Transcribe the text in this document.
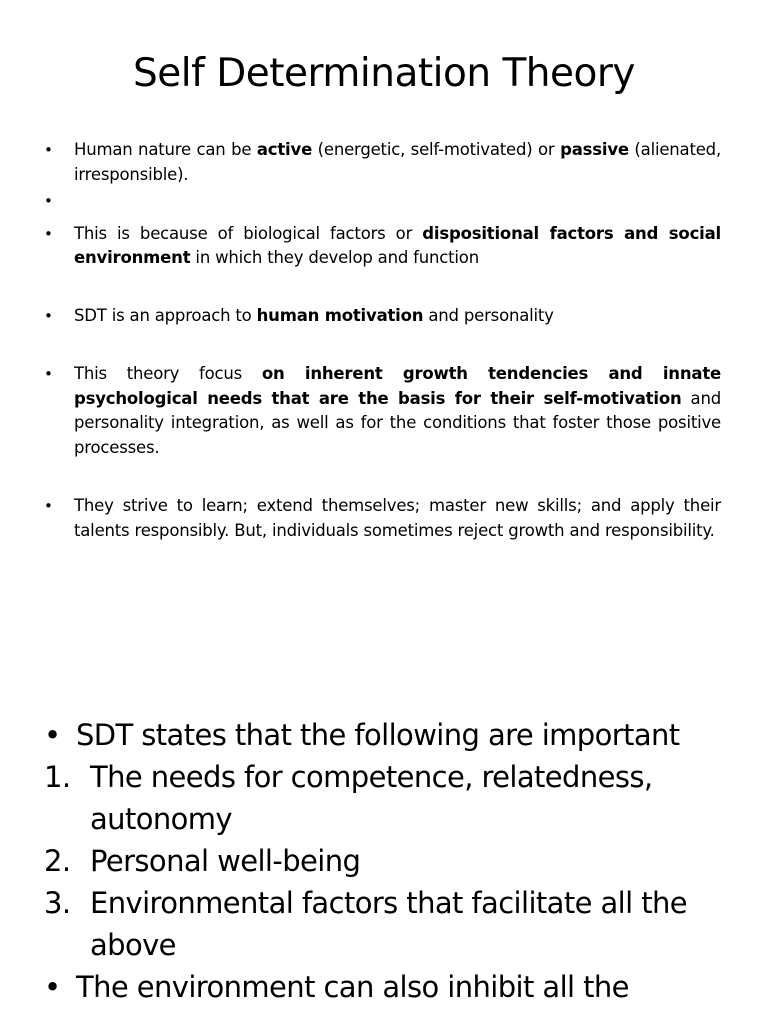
Self Determination Theory
• Human nature can be active (energetic, self-motivated) or passive (alienated, irresponsible).
•

• This is because of biological factors or dispositional factors and social environment in which they develop and function
• SDT is an approach to human motivation and personality
• This theory focus on inherent growth tendencies and innate psychological needs that are the basis for their self-motivation and personality integration, as well as for the conditions that foster those positive processes.
• They strive to learn; extend themselves; master new skills; and apply their talents responsibly. But, individuals sometimes reject growth and responsibility.
• SDT states that the following are important
1. The needs for competence, relatedness, autonomy
2. Personal well-being
3. Environmental factors that facilitate all the above
• The environment can also inhibit all the
